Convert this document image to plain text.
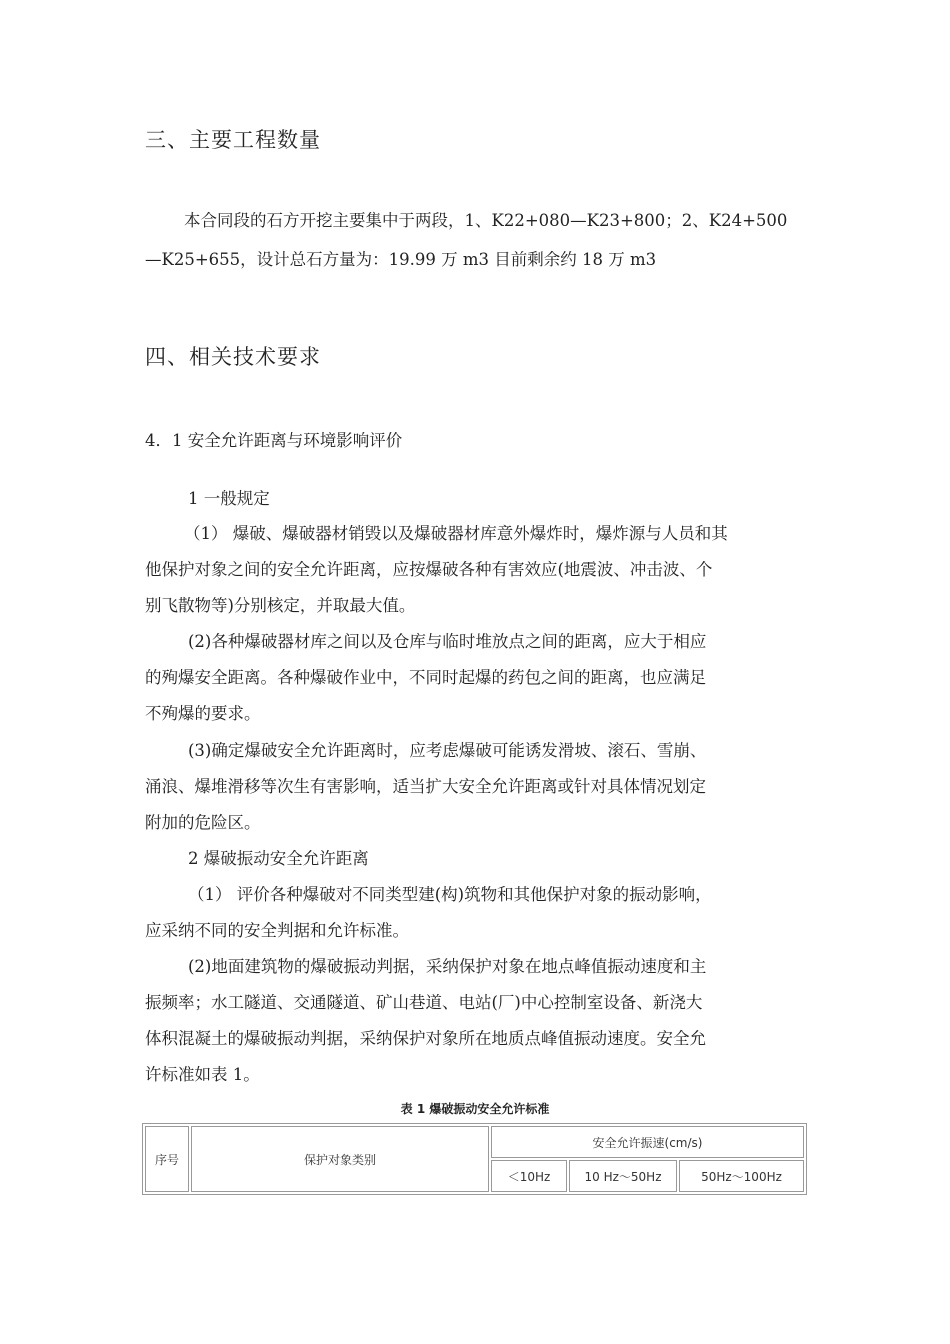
三、主要工程数量
本合同段的石方开挖主要集中于两段，1、K22+080—K23+800；2、K24+500
—K25+655，设计总石方量为：19.99 万 m3 目前剩余约 18 万 m3
四、相关技术要求
4．1 安全允许距离与环境影响评价
1 一般规定
（1） 爆破、爆破器材销毁以及爆破器材库意外爆炸时，爆炸源与人员和其
他保护对象之间的安全允许距离，应按爆破各种有害效应(地震波、冲击波、个
别飞散物等)分别核定，并取最大值。
(2)各种爆破器材库之间以及仓库与临时堆放点之间的距离，应大于相应
的殉爆安全距离。各种爆破作业中，不同时起爆的药包之间的距离，也应满足
不殉爆的要求。
(3)确定爆破安全允许距离时，应考虑爆破可能诱发滑坡、滚石、雪崩、
涌浪、爆堆滑移等次生有害影响，适当扩大安全允许距离或针对具体情况划定
附加的危险区。
2 爆破振动安全允许距离
（1） 评价各种爆破对不同类型建(构)筑物和其他保护对象的振动影响，
应采纳不同的安全判据和允许标准。
(2)地面建筑物的爆破振动判据，采纳保护对象在地点峰值振动速度和主
振频率；水工隧道、交通隧道、矿山巷道、电站(厂)中心控制室设备、新浇大
体积混凝土的爆破振动判据，采纳保护对象所在地质点峰值振动速度。安全允
许标准如表 1。
表 1 爆破振动安全允许标准
序号	保护对象类别	安全允许振速(cm/s)		
		＜10Hz	10 Hz～50Hz	50Hz～100Hz
